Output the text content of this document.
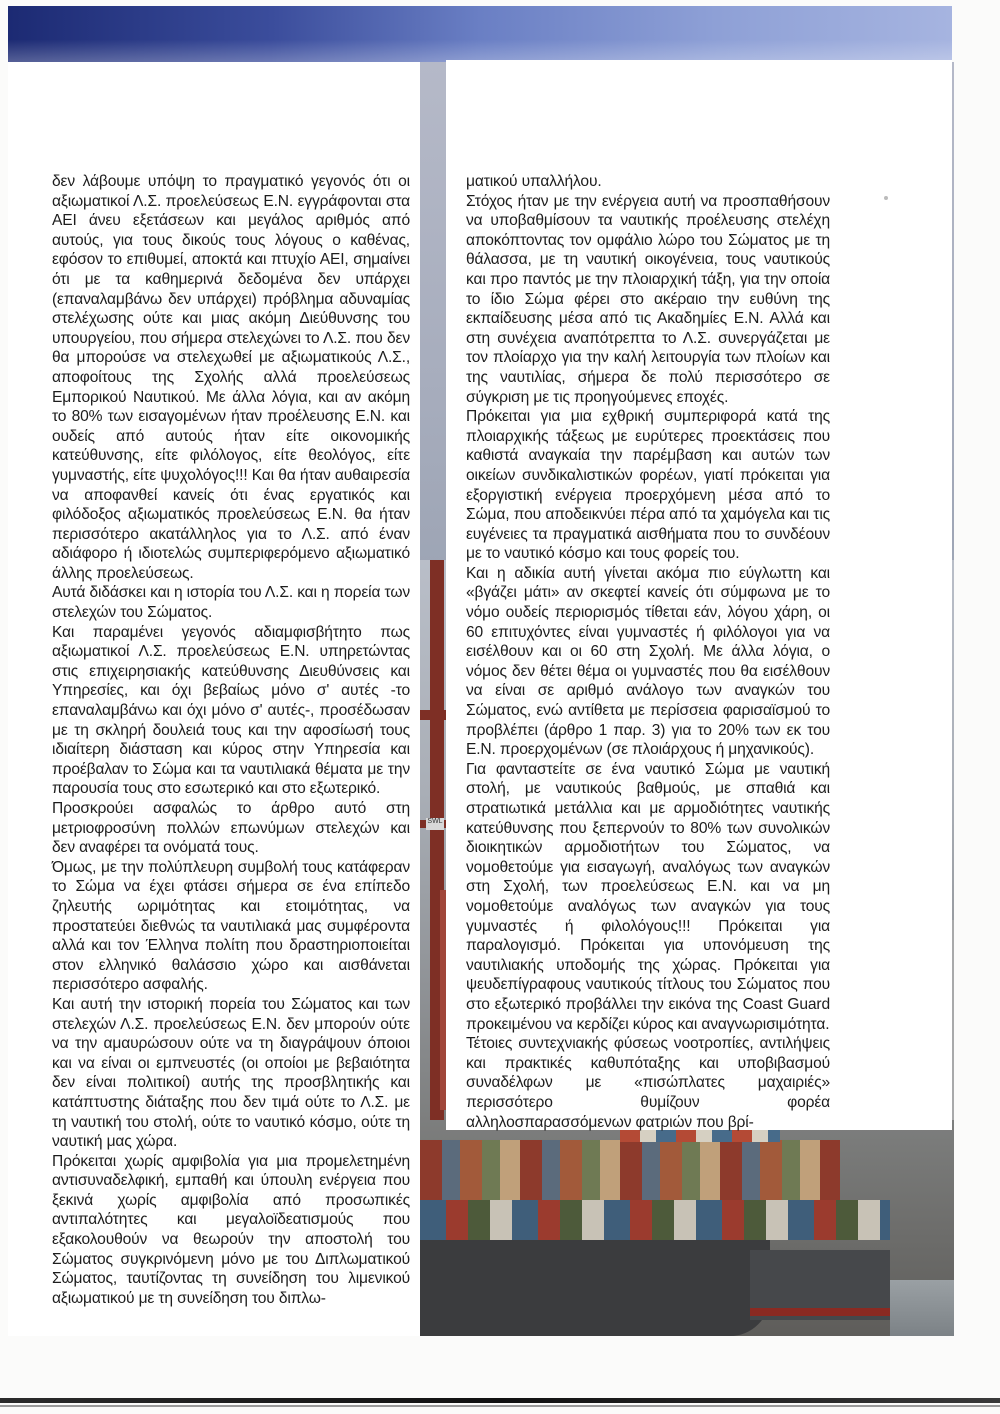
SWL

δεν λάβουμε υπόψη το πραγματικό γεγονός ότι οι αξιωματικοί Λ.Σ. προελεύσεως Ε.Ν. εγγράφονται στα ΑΕΙ άνευ εξετάσεων και μεγάλος αριθμός από αυτούς, για τους δικούς τους λόγους ο καθένας, εφόσον το επιθυμεί, αποκτά και πτυχίο ΑΕΙ, σημαίνει ότι με τα καθημερινά δεδομένα δεν υπάρχει (επαναλαμβάνω δεν υπάρχει) πρόβλημα αδυναμίας στελέχωσης ούτε και μιας ακόμη Διεύθυνσης του υπουργείου, που σήμερα στελεχώνει το Λ.Σ. που δεν θα μπορούσε να στελεχωθεί με αξιωματικούς Λ.Σ., αποφοίτους της Σχολής αλλά προελεύσεως Εμπορικού Ναυτικού. Με άλλα λόγια, και αν ακόμη το 80% των εισαγομένων ήταν προέλευσης Ε.Ν. και ουδείς από αυτούς ήταν είτε οικονομικής κατεύθυνσης, είτε φιλόλογος, είτε θεολόγος, είτε γυμναστής, είτε ψυχολόγος!!! Και θα ήταν αυθαιρεσία να αποφανθεί κανείς ότι ένας εργατικός και φιλόδοξος αξιωματικός προελεύσεως Ε.Ν. θα ήταν περισσότερο ακατάλληλος για το Λ.Σ. από έναν αδιάφορο ή ιδιοτελώς συμπεριφερόμενο αξιωματικό άλλης προελεύσεως.

Αυτά διδάσκει και η ιστορία του Λ.Σ. και η πορεία των στελεχών του Σώματος.

Και παραμένει γεγονός αδιαμφισβήτητο πως αξιωματικοί Λ.Σ. προελεύσεως Ε.Ν. υπηρετώντας στις επιχειρησιακής κατεύθυνσης Διευθύνσεις και Υπηρεσίες, και όχι βεβαίως μόνο σ' αυτές -το επαναλαμβάνω και όχι μόνο σ' αυτές-, προσέδωσαν με τη σκληρή δουλειά τους και την αφοσίωσή τους ιδιαίτερη διάσταση και κύρος στην Υπηρεσία και προέβαλαν το Σώμα και τα ναυτιλιακά θέματα με την παρουσία τους στο εσωτερικό και στο εξωτερικό.

Προσκρούει ασφαλώς το άρθρο αυτό στη μετριοφροσύνη πολλών επωνύμων στελεχών και δεν αναφέρει τα ονόματά τους.

Όμως, με την πολύπλευρη συμβολή τους κατάφεραν το Σώμα να έχει φτάσει σήμερα σε ένα επίπεδο ζηλευτής ωριμότητας και ετοιμότητας, να προστατεύει διεθνώς τα ναυτιλιακά μας συμφέροντα αλλά και τον Έλληνα πολίτη που δραστηριοποιείται στον ελληνικό θαλάσσιο χώρο και αισθάνεται περισσότερο ασφαλής.

Και αυτή την ιστορική πορεία του Σώματος και των στελεχών Λ.Σ. προελεύσεως Ε.Ν. δεν μπορούν ούτε να την αμαυρώσουν ούτε να τη διαγράψουν όποιοι και να είναι οι εμπνευστές (οι οποίοι με βεβαιότητα δεν είναι πολιτικοί) αυτής της προσβλητικής και κατάπτυστης διάταξης που δεν τιμά ούτε το Λ.Σ. με τη ναυτική του στολή, ούτε το ναυτικό κόσμο, ούτε τη ναυτική μας χώρα.

Πρόκειται χωρίς αμφιβολία για μια προμελετημένη αντισυναδελφική, εμπαθή και ύπουλη ενέργεια που ξεκινά χωρίς αμφιβολία από προσωπικές αντιπαλότητες και μεγαλοϊδεατισμούς που εξακολουθούν να θεωρούν την αποστολή του Σώματος συγκρινόμενη μόνο με του Διπλωματικού Σώματος, ταυτίζοντας τη συνείδηση του λιμενικού αξιωματικού με τη συνείδηση του διπλω-

ματικού υπαλλήλου.

Στόχος ήταν με την ενέργεια αυτή να προσπαθήσουν να υποβαθμίσουν τα ναυτικής προέλευσης στελέχη αποκόπτοντας τον ομφάλιο λώρο του Σώματος με τη θάλασσα, με τη ναυτική οικογένεια, τους ναυτικούς και προ παντός με την πλοιαρχική τάξη, για την οποία το ίδιο Σώμα φέρει στο ακέραιο την ευθύνη της εκπαίδευσης μέσα από τις Ακαδημίες Ε.Ν. Αλλά και στη συνέχεια αναπότρεπτα το Λ.Σ. συνεργάζεται με τον πλοίαρχο για την καλή λειτουργία των πλοίων και της ναυτιλίας, σήμερα δε πολύ περισσότερο σε σύγκριση με τις προηγούμενες εποχές.

Πρόκειται για μια εχθρική συμπεριφορά κατά της πλοιαρχικής τάξεως με ευρύτερες προεκτάσεις που καθιστά αναγκαία την παρέμβαση και αυτών των οικείων συνδικαλιστικών φορέων, γιατί πρόκειται για εξοργιστική ενέργεια προερχόμενη μέσα από το Σώμα, που αποδεικνύει πέρα από τα χαμόγελα και τις ευγένειες τα πραγματικά αισθήματα που το συνδέουν με το ναυτικό κόσμο και τους φορείς του.

Και η αδικία αυτή γίνεται ακόμα πιο εύγλωττη και «βγάζει μάτι» αν σκεφτεί κανείς ότι σύμφωνα με το νόμο ουδείς περιορισμός τίθεται εάν, λόγου χάρη, οι 60 επιτυχόντες είναι γυμναστές ή φιλόλογοι για να εισέλθουν και οι 60 στη Σχολή. Με άλλα λόγια, ο νόμος δεν θέτει θέμα οι γυμναστές που θα εισέλθουν να είναι σε αριθμό ανάλογο των αναγκών του Σώματος, ενώ αντίθετα με περίσσεια φαρισαϊσμού το προβλέπει (άρθρο 1 παρ. 3) για το 20% των εκ του Ε.Ν. προερχομένων (σε πλοιάρχους ή μηχανικούς).

Για φανταστείτε σε ένα ναυτικό Σώμα με ναυτική στολή, με ναυτικούς βαθμούς, με σπαθιά και στρατιωτικά μετάλλια και με αρμοδιότητες ναυτικής κατεύθυνσης που ξεπερνούν το 80% των συνολικών διοικητικών αρμοδιοτήτων του Σώματος, να νομοθετούμε για εισαγωγή, αναλόγως των αναγκών στη Σχολή, των προελεύσεως Ε.Ν. και να μη νομοθετούμε αναλόγως των αναγκών για τους γυμναστές ή φιλολόγους!!! Πρόκειται για παραλογισμό. Πρόκειται για υπονόμευση της ναυτιλιακής υποδομής της χώρας. Πρόκειται για ψευδεπίγραφους ναυτικούς τίτλους του Σώματος που στο εξωτερικό προβάλλει την εικόνα της Coast Guard προκειμένου να κερδίζει κύρος και αναγνωρισιμότητα.

Τέτοιες συντεχνιακής φύσεως νοοτροπίες, αντιλήψεις και πρακτικές καθυπόταξης και υποβιβασμού συναδέλφων με «πισώπλατες μαχαιριές» περισσότερο θυμίζουν φορέα αλληλοσπαρασσόμενων φατριών που βρί-
